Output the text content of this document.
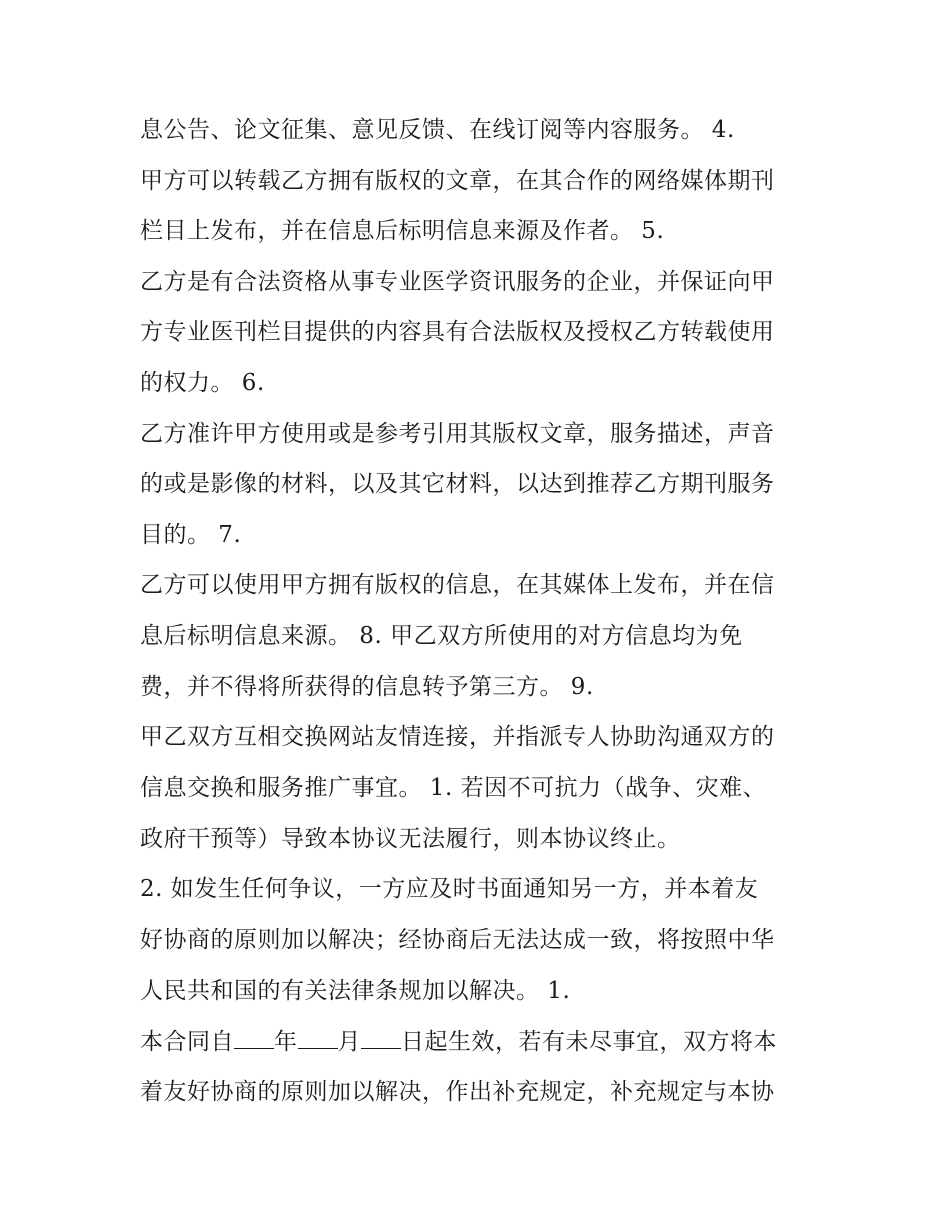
息公告、论文征集、意见反馈、在线订阅等内容服务。 4.
甲方可以转载乙方拥有版权的文章，在其合作的网络媒体期刊
栏目上发布，并在信息后标明信息来源及作者。 5.
乙方是有合法资格从事专业医学资讯服务的企业，并保证向甲
方专业医刊栏目提供的内容具有合法版权及授权乙方转载使用
的权力。 6.
乙方准许甲方使用或是参考引用其版权文章，服务描述，声音
的或是影像的材料，以及其它材料，以达到推荐乙方期刊服务
目的。 7.
乙方可以使用甲方拥有版权的信息，在其媒体上发布，并在信
息后标明信息来源。 8. 甲乙双方所使用的对方信息均为免
费，并不得将所获得的信息转予第三方。 9.
甲乙双方互相交换网站友情连接，并指派专人协助沟通双方的
信息交换和服务推广事宜。 1. 若因不可抗力（战争、灾难、
政府干预等）导致本协议无法履行，则本协议终止。
2. 如发生任何争议，一方应及时书面通知另一方，并本着友
好协商的原则加以解决；经协商后无法达成一致，将按照中华
人民共和国的有关法律条规加以解决。 1.
本合同自 年 月 日起生效，若有未尽事宜，双方将本
着友好协商的原则加以解决，作出补充规定，补充规定与本协
